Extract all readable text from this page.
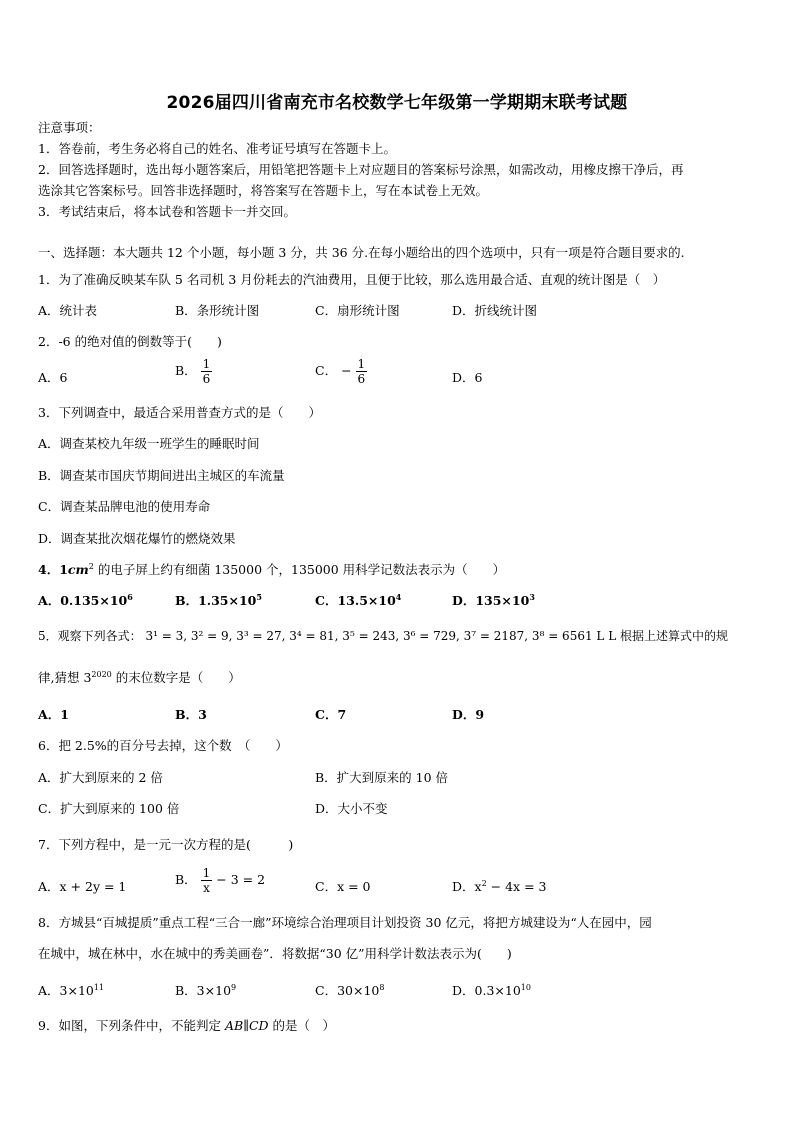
2026届四川省南充市名校数学七年级第一学期期末联考试题
注意事项：
1．答卷前，考生务必将自己的姓名、准考证号填写在答题卡上。
2．回答选择题时，选出每小题答案后，用铅笔把答题卡上对应题目的答案标号涂黑，如需改动，用橡皮擦干净后，再
选涂其它答案标号。回答非选择题时，将答案写在答题卡上，写在本试卷上无效。
3．考试结束后，将本试卷和答题卡一并交回。
一、选择题：本大题共 12 个小题，每小题 3 分，共 36 分.在每小题给出的四个选项中，只有一项是符合题目要求的.
1．为了准确反映某车队 5 名司机 3 月份耗去的汽油费用，且便于比较，那么选用最合适、直观的统计图是（　）
A．统计表	B．条形统计图	C．扇形统计图	D．折线统计图
2．-6 的绝对值的倒数等于(　　)
A．6	B． $\frac{1}{6}$	C． − $\frac{1}{6}$	D．6
3．下列调查中，最适合采用普查方式的是（　　）
A．调查某校九年级一班学生的睡眠时间
B．调查某市国庆节期间进出主城区的车流量
C．调查某品牌电池的使用寿命
D．调查某批次烟花爆竹的燃烧效果
4．$1cm^2$ 的电子屏上约有细菌 135000 个，135000 用科学记数法表示为（　　）
A．$0.135\times 10^6$	B．$1.35\times 10^5$	C．$13.5\times 10^4$	D．$135\times 10^3$
5．观察下列各式： 3¹ = 3, 3² = 9, 3³ = 27, 3⁴ = 81, 3⁵ = 243, 3⁶ = 729, 3⁷ = 2187, 3⁸ = 6561 L L 根据上述算式中的规
律,猜想 $3^{2020}$ 的末位数字是（　　）
A．1	B．3	C．7	D．9
6．把 2.5%的百分号去掉，这个数　（　　）
A．扩大到原来的 2 倍	B．扩大到原来的 10 倍
C．扩大到原来的 100 倍	D．大小不变
7．下列方程中，是一元一次方程的是(　　　)
A．x + 2y = 1	B． $\frac{1}{x} - 3 = 2$	C．x = 0	D．$x^2 - 4x = 3$
8．方城县“百城提质”重点工程“三合一廊”环境综合治理项目计划投资 30 亿元，将把方城建设为“人在园中，园
在城中，城在林中，水在城中的秀美画卷”．将数据“30 亿”用科学计数法表示为(　　)
A．$3\times 10^{11}$	B．$3\times 10^9$	C．$30\times 10^8$	D．$0.3\times 10^{10}$
9．如图，下列条件中，不能判定 AB∥CD 的是（　）
